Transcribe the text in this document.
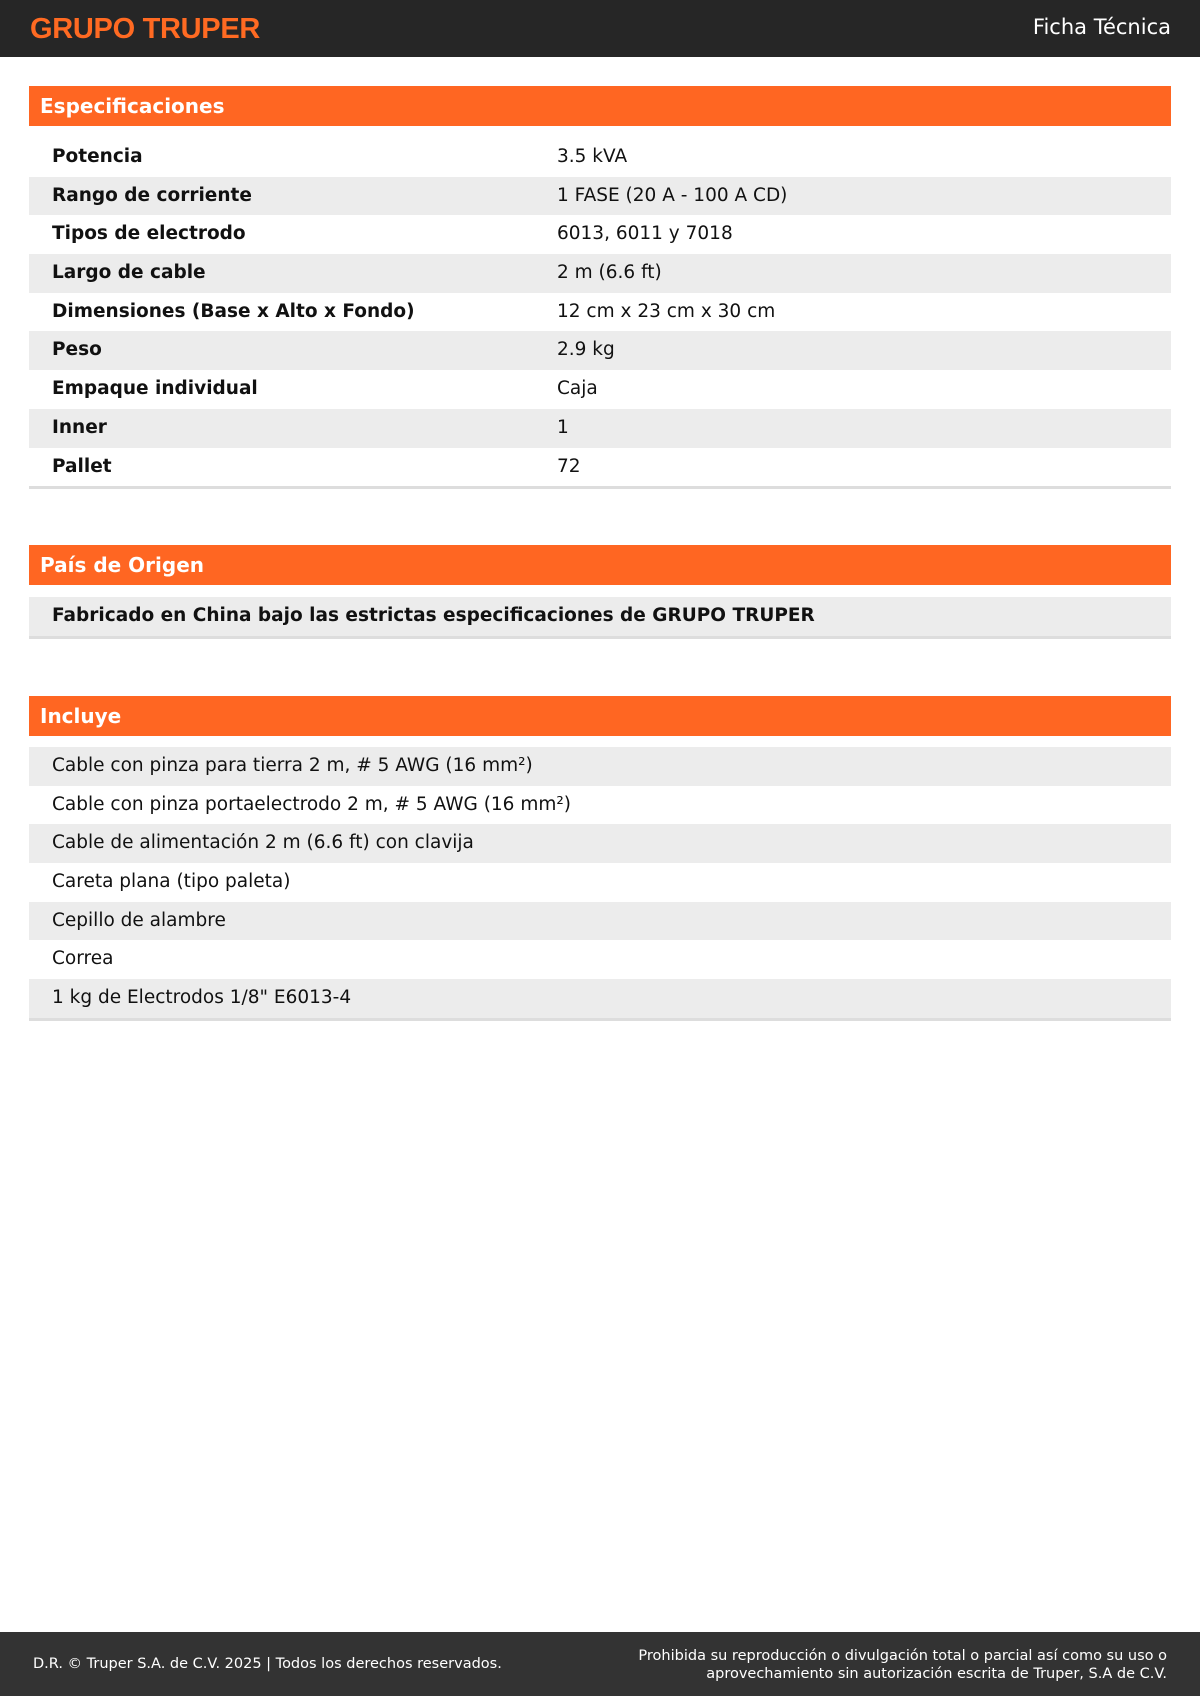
GRUPO TRUPER	Ficha Técnica
Especificaciones
Potencia	3.5 kVA
Rango de corriente	1 FASE (20 A - 100 A CD)
Tipos de electrodo	6013, 6011 y 7018
Largo de cable	2 m (6.6 ft)
Dimensiones (Base x Alto x Fondo)	12 cm x 23 cm x 30 cm
Peso	2.9 kg
Empaque individual	Caja
Inner	1
Pallet	72
País de Origen
Fabricado en China bajo las estrictas especificaciones de GRUPO TRUPER
Incluye
Cable con pinza para tierra 2 m, # 5 AWG (16 mm²)
Cable con pinza portaelectrodo 2 m, # 5 AWG (16 mm²)
Cable de alimentación 2 m (6.6 ft) con clavija
Careta plana (tipo paleta)
Cepillo de alambre
Correa
1 kg de Electrodos 1/8" E6013-4
D.R. © Truper S.A. de C.V. 2025 | Todos los derechos reservados.	Prohibida su reproducción o divulgación total o parcial así como su uso o
aprovechamiento sin autorización escrita de Truper, S.A de C.V.
